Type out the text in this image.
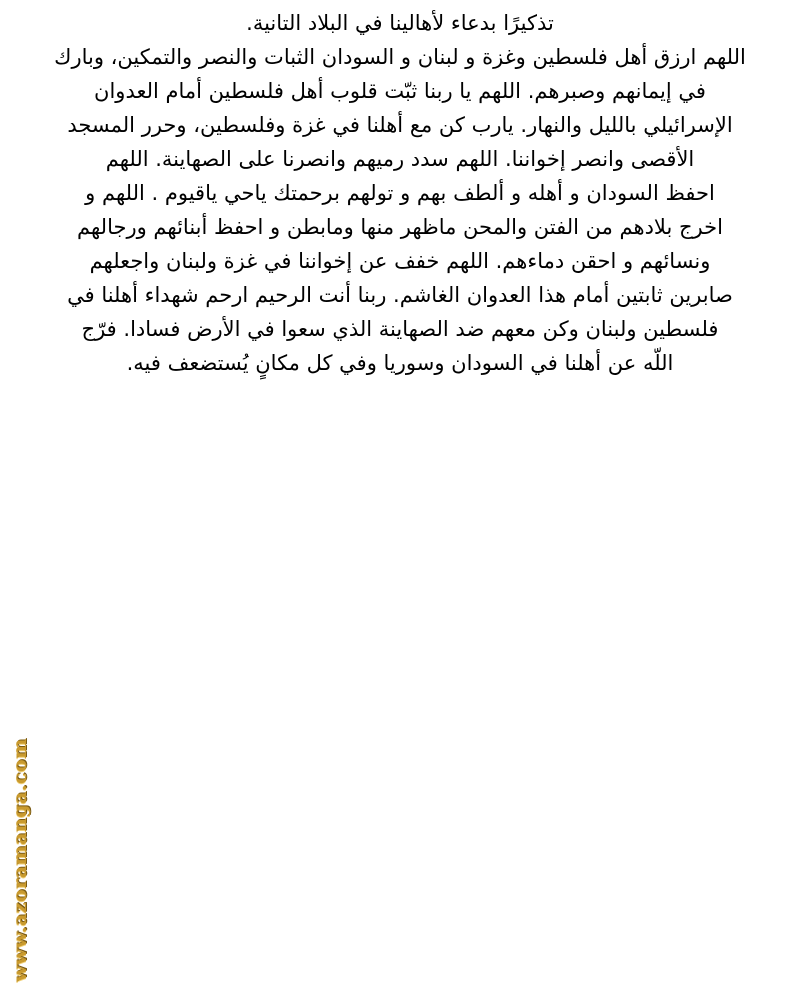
تذكيرًا بدعاء لأهالينا في البلاد التانية.
اللهم ارزق أهل فلسطين وغزة و لبنان و السودان الثبات والنصر والتمكين، وبارك
في إيمانهم وصبرهم. اللهم يا ربنا ثبّت قلوب أهل فلسطين أمام العدوان
الإسرائيلي بالليل والنهار. يارب كن مع أهلنا في غزة وفلسطين، وحرر المسجد
الأقصى وانصر إخواننا. اللهم سدد رميهم وانصرنا على الصهاينة. اللهم
احفظ السودان و أهله و ألطف بهم و تولهم برحمتك ياحي ياقيوم . اللهم و
اخرج بلادهم من الفتن والمحن ماظهر منها ومابطن و احفظ أبنائهم ورجالهم
ونسائهم و احقن دماءهم. اللهم خفف عن إخواننا في غزة ولبنان واجعلهم
صابرين ثابتين أمام هذا العدوان الغاشم. ربنا أنت الرحيم ارحم شهداء أهلنا في
فلسطين ولبنان وكن معهم ضد الصهاينة الذي سعوا في الأرض فسادا. فرّج
اللّه عن أهلنا في السودان وسوريا وفي كل مكانٍ يُستضعف فيه.
www.azoramanga.com
